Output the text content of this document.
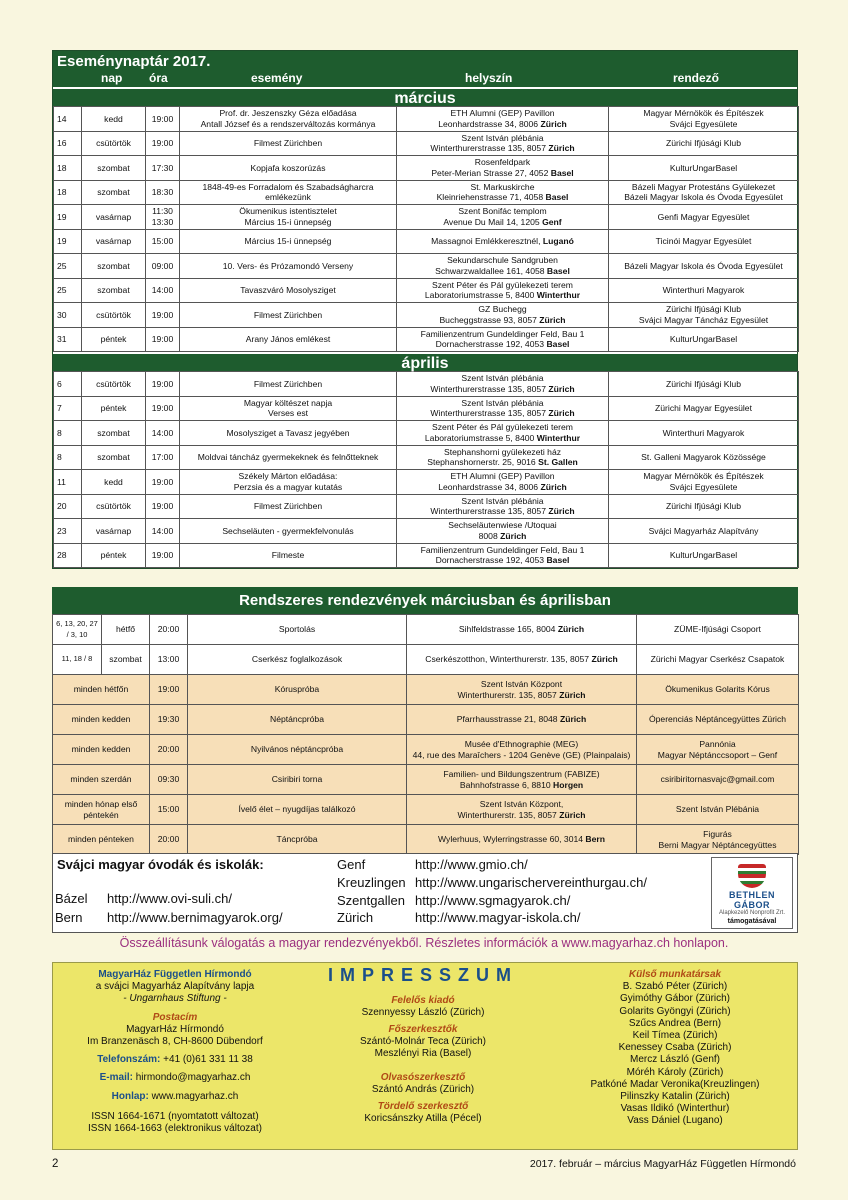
Eseménynaptár 2017.
nap óra	esemény	helyszín	rendező
március
14	kedd	19:00	Prof. dr. Jeszenszky Géza előadása
Antall József és a rendszerváltozás kormánya	ETH Alumni (GEP) Pavillon
Leonhardstrasse 34, 8006 Zürich	Magyar Mérnökök és Építészek
Svájci Egyesülete
16	csütörtök	19:00	Filmest Zürichben	Szent István plébánia
Winterthurerstrasse 135, 8057 Zürich	Zürichi Ifjúsági Klub
18	szombat	17:30	Kopjafa koszorúzás	Rosenfeldpark
Peter-Merian Strasse 27, 4052 Basel	KulturUngarBasel
18	szombat	18:30	1848-49-es Forradalom és Szabadságharcra
emlékezünk	St. Markuskirche
Kleinriehenstrasse 71, 4058 Basel	Bázeli Magyar Protestáns Gyülekezet
Bázeli Magyar Iskola és Óvoda Egyesület
19	vasárnap	11:30
13:30	Ökumenikus istentisztelet
Március 15-i ünnepség	Szent Bonifác templom
Avenue Du Mail 14, 1205 Genf	Genfi Magyar Egyesület
19	vasárnap	15:00	Március 15-i ünnepség	Massagnoi Emlékkeresztnél, Luganó	Ticinói Magyar Egyesület
25	szombat	09:00	10. Vers- és Prózamondó Verseny	Sekundarschule Sandgruben
Schwarzwaldallee 161, 4058 Basel	Bázeli Magyar Iskola és Óvoda Egyesület
25	szombat	14:00	Tavaszváró Mosolysziget	Szent Péter és Pál gyülekezeti terem
Laboratoriumstrasse 5, 8400 Winterthur	Winterthuri Magyarok
30	csütörtök	19:00	Filmest Zürichben	GZ Buchegg
Bucheggstrasse 93, 8057 Zürich	Zürichi Ifjúsági Klub
Svájci Magyar Táncház Egyesület
31	péntek	19:00	Arany János emlékest	Familienzentrum Gundeldinger Feld, Bau 1
Dornacherstrasse 192, 4053 Basel	KulturUngarBasel
április
6	csütörtök	19:00	Filmest Zürichben	Szent István plébánia
Winterthurerstrasse 135, 8057 Zürich	Zürichi Ifjúsági Klub
7	péntek	19:00	Magyar költészet napja
Verses est	Szent István plébánia
Winterthurerstrasse 135, 8057 Zürich	Zürichi Magyar Egyesület
8	szombat	14:00	Mosolysziget a Tavasz jegyében	Szent Péter és Pál gyülekezeti terem
Laboratoriumstrasse 5, 8400 Winterthur	Winterthuri Magyarok
8	szombat	17:00	Moldvai táncház gyermekeknek és felnőtteknek	Stephanshorni gyülekezeti ház
Stephanshornerstr. 25, 9016 St. Gallen	St. Galleni Magyarok Közössége
11	kedd	19:00	Székely Márton előadása:
Perzsia és a magyar kutatás	ETH Alumni (GEP) Pavillon
Leonhardstrasse 34, 8006 Zürich	Magyar Mérnökök és Építészek
Svájci Egyesülete
20	csütörtök	19:00	Filmest Zürichben	Szent István plébánia
Winterthurerstrasse 135, 8057 Zürich	Zürichi Ifjúsági Klub
23	vasárnap	14:00	Sechseläuten - gyermekfelvonulás	Sechseläutenwiese /Utoquai
8008 Zürich	Svájci Magyarház Alapítvány
28	péntek	19:00	Filmeste	Familienzentrum Gundeldinger Feld, Bau 1
Dornacherstrasse 192, 4053 Basel	KulturUngarBasel
Rendszeres rendezvények márciusban és áprilisban
6, 13, 20, 27 / 3, 10	hétfő	20:00	Sportolás	Sihlfeldstrasse 165, 8004 Zürich	ZÜME-Ifjúsági Csoport
11, 18 / 8	szombat	13:00	Cserkész foglalkozások	Cserkészotthon, Winterthurerstr. 135, 8057 Zürich	Zürichi Magyar Cserkész Csapatok
minden hétfőn		19:00	Kóruspróba	Szent István Központ
Winterthurerstr. 135, 8057 Zürich	Ökumenikus Golarits Kórus
minden kedden		19:30	Néptáncpróba	Pfarrhausstrasse 21, 8048 Zürich	Óperenciás Néptáncegyüttes Zürich
minden kedden		20:00	Nyilvános néptáncpróba	Musée d'Ethnographie (MEG)
44, rue des Maraîchers - 1204 Genève (GE) (Plainpalais)	Pannónia
Magyar Néptánccsoport – Genf
minden szerdán		09:30	Csiribiri torna	Familien- und Bildungszentrum (FABIZE)
Bahnhofstrasse 6, 8810 Horgen	csiribiritornasvajc@gmail.com
minden hónap első péntekén		15:00	Ívelő élet – nyugdíjas találkozó	Szent István Központ,
Winterthurerstr. 135, 8057 Zürich	Szent István Plébánia
minden pénteken		20:00	Táncpróba	Wylerhuus, Wylerringstrasse 60, 3014 Bern	Figurás
Berni Magyar Néptáncegyüttes
Svájci magyar óvodák és iskolák:
Bázel http://www.ovi-suli.ch/
Bern http://www.bernimagyarok.org/
Genf	http://www.gmio.ch/
Kreuzlingen http://www.ungarischervereinthurgau.ch/
Szentgallen http://www.sgmagyarok.ch/
Zürich	http://www.magyar-iskola.ch/
BETHLEN GÁBOR
Alapkezelő Nonprofit Zrt.
támogatásával
Összeállításunk válogatás a magyar rendezvényekből. Részletes információk a www.magyarhaz.ch honlapon.
MagyarHáz Független Hírmondó
a svájci Magyarház Alapítvány lapja
- Ungarnhaus Stiftung -
Postacím
MagyarHáz Hírmondó
Im Branzenäsch 8, CH-8600 Dübendorf
Telefonszám: +41 (0)61 331 11 38
E-mail: hirmondo@magyarhaz.ch
Honlap: www.magyarhaz.ch
ISSN 1664-1671 (nyomtatott változat)
ISSN 1664-1663 (elektronikus változat)
IMPRESSZUM
Felelős kiadó
Szennyessy László (Zürich)
Főszerkesztők
Szántó-Molnár Teca (Zürich)
Meszlényi Ria (Basel)
Olvasószerkesztő
Szántó András (Zürich)
Tördelő szerkesztő
Koricsánszky Atilla (Pécel)
Külső munkatársak
B. Szabó Péter (Zürich)
Gyimóthy Gábor (Zürich)
Golarits Gyöngyi (Zürich)
Szűcs Andrea (Bern)
Keil Tímea (Zürich)
Kenessey Csaba (Zürich)
Mercz László (Genf)
Móréh Károly (Zürich)
Patkóné Madar Veronika(Kreuzlingen)
Pilinszky Katalin (Zürich)
Vasas Ildikó (Winterthur)
Vass Dániel (Lugano)
2	2017. február – március MagyarHáz Független Hírmondó
